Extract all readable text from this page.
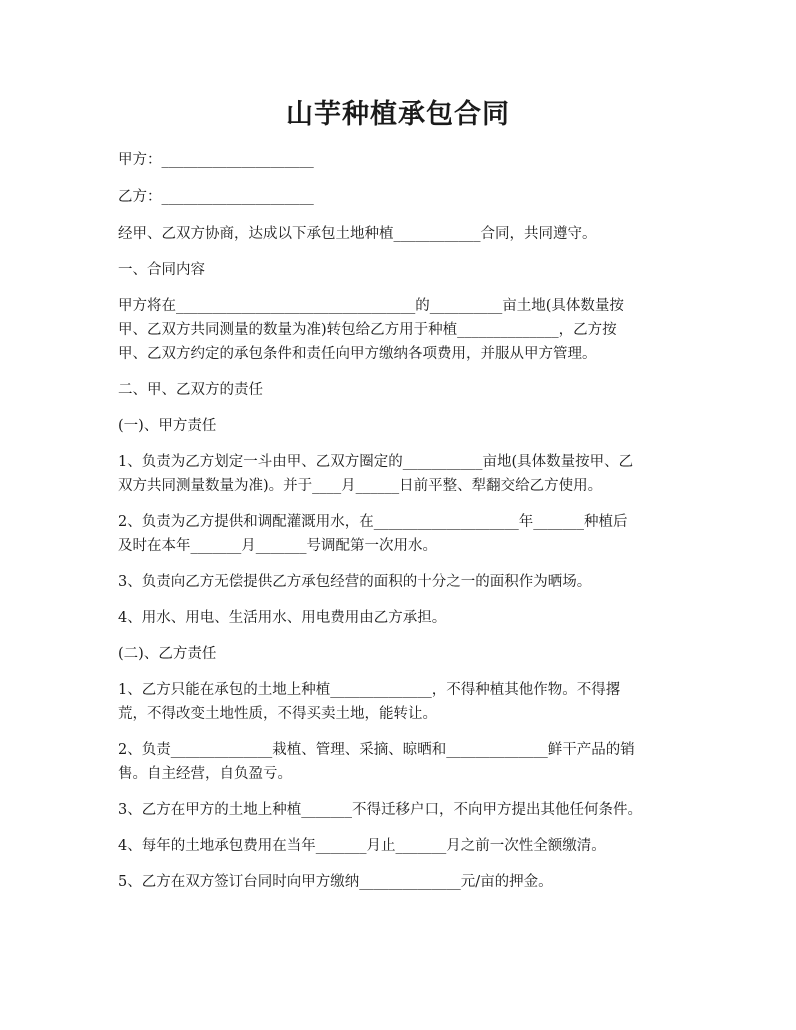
山芋种植承包合同
甲方：_____________________
乙方：_____________________
经甲、乙双方协商，达成以下承包土地种植____________合同，共同遵守。
一、合同内容
甲方将在_________________________________的__________亩土地(具体数量按
甲、乙双方共同测量的数量为准)转包给乙方用于种植______________，乙方按
甲、乙双方约定的承包条件和责任向甲方缴纳各项费用，并服从甲方管理。
二、甲、乙双方的责任
(一)、甲方责任
1、负责为乙方划定一斗由甲、乙双方圈定的___________亩地(具体数量按甲、乙
双方共同测量数量为准)。并于____月______日前平整、犁翻交给乙方使用。
2、负责为乙方提供和调配灌溉用水，在____________________年_______种植后
及时在本年_______月_______号调配第一次用水。
3、负责向乙方无偿提供乙方承包经营的面积的十分之一的面积作为晒场。
4、用水、用电、生活用水、用电费用由乙方承担。
(二)、乙方责任
1、乙方只能在承包的土地上种植______________，不得种植其他作物。不得撂
荒，不得改变土地性质，不得买卖土地，能转让。
2、负责______________栽植、管理、采摘、晾晒和______________鲜干产品的销
售。自主经营，自负盈亏。
3、乙方在甲方的土地上种植_______不得迁移户口，不向甲方提出其他任何条件。
4、每年的土地承包费用在当年_______月止_______月之前一次性全额缴清。
5、乙方在双方签订台同时向甲方缴纳______________元/亩的押金。
